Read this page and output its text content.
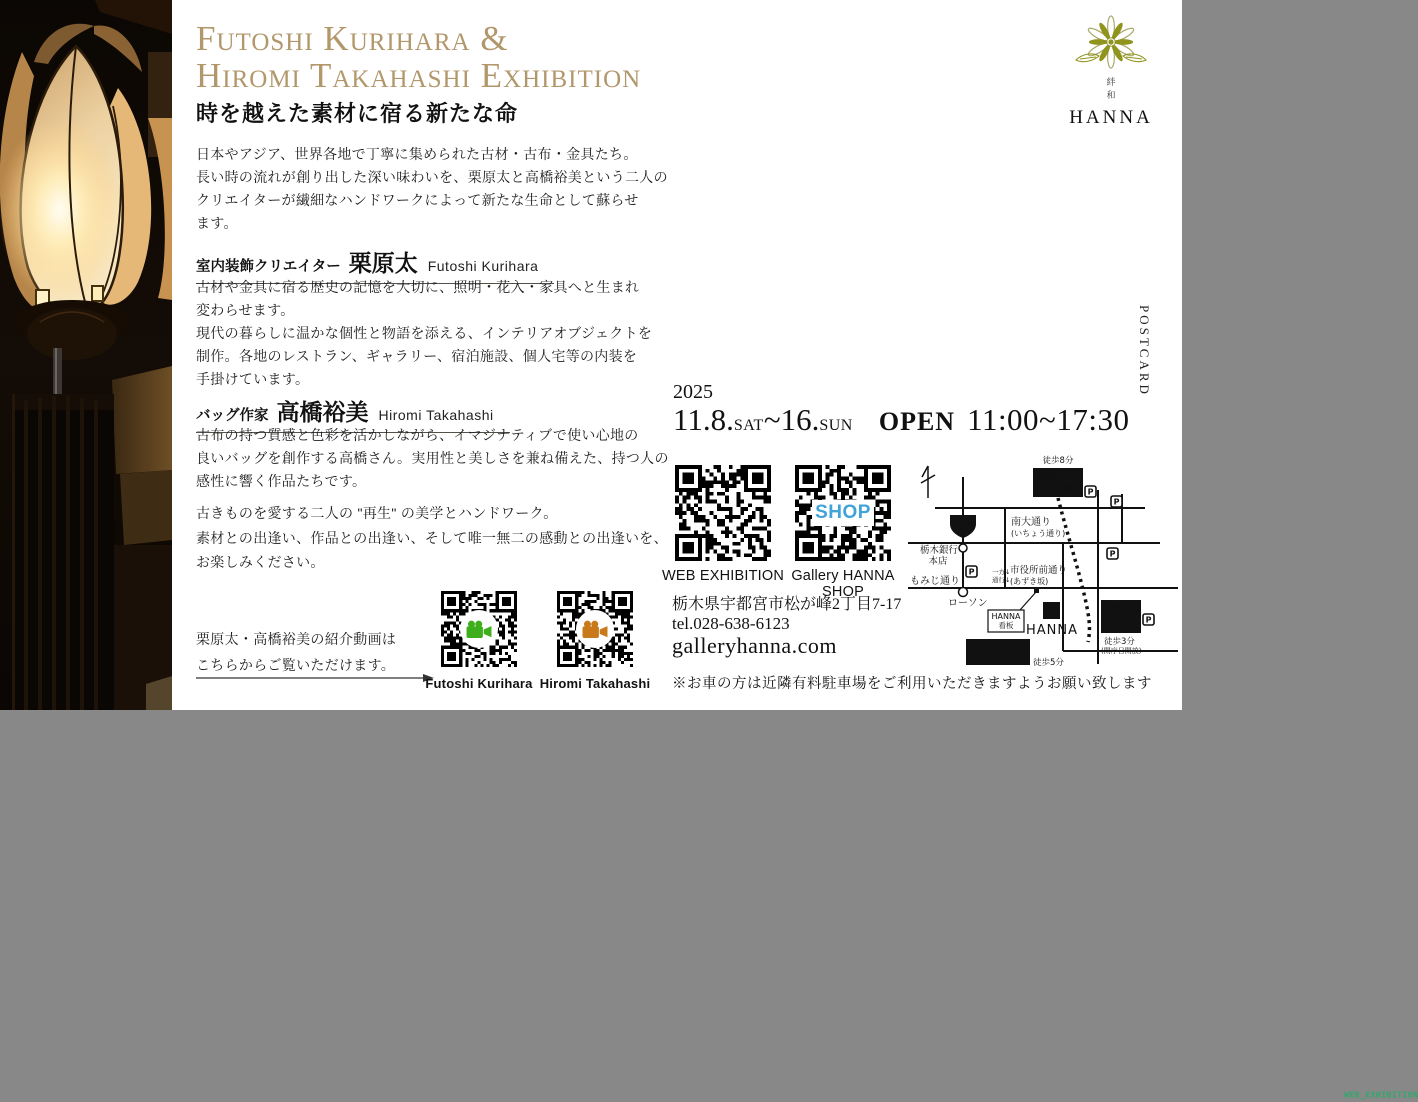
Futoshi Kurihara &
Hiromi Takahashi Exhibition
時を越えた素材に宿る新たな命
日本やアジア、世界各地で丁寧に集められた古材・古布・金具たち。
長い時の流れが創り出した深い味わいを、栗原太と高橋裕美という二人の
クリエイターが繊細なハンドワークによって新たな生命として蘇らせ
ます。
室内装飾クリエイター 栗原太 Futoshi Kurihara
古材や金具に宿る歴史の記憶を大切に、照明・花入・家具へと生まれ
変わらせます。
現代の暮らしに温かな個性と物語を添える、インテリアオブジェクトを
制作。各地のレストラン、ギャラリー、宿泊施設、個人宅等の内装を
手掛けています。
バッグ作家 高橋裕美 Hiromi Takahashi
古布の持つ質感と色彩を活かしながら、イマジナティブで使い心地の
良いバッグを創作する高橋さん。実用性と美しさを兼ね備えた、持つ人の
感性に響く作品たちです。
古きものを愛する二人の "再生" の美学とハンドワーク。
素材との出逢い、作品との出逢い、そして唯一無二の感動との出逢いを、
お楽しみください。
栗原太・高橋裕美の紹介動画は
こちらからご覧いただけます。
Futoshi Kurihara Hiromi Takahashi
2025
11.8. SAT ~ 16. SUN OPEN 11:00~17:30
WEB_EXHIBITION
SHOP
WEB EXHIBITION Gallery HANNA SHOP
栃木県宇都宮市松が峰2丁目7-17
tel.028-638-6123
galleryhanna.com
※お車の方は近隣有料駐車場をご利用いただきますようお願い致します
絆
和
HANNA
POSTCARD
徒歩8分
東武
宇都宮駅
119	南大通り
(いちょう通り)
栃木銀行
本店
もみじ通り
一方↓
通行↓
市役所前通り
(あずき坂)
ローソン
HANNA
看板 HANNA
宇都宮
市役所
徒歩3分
(開庁日開放)
ヨークベニマル
ミライト一条店 徒歩5分
P
P
P
P
P
